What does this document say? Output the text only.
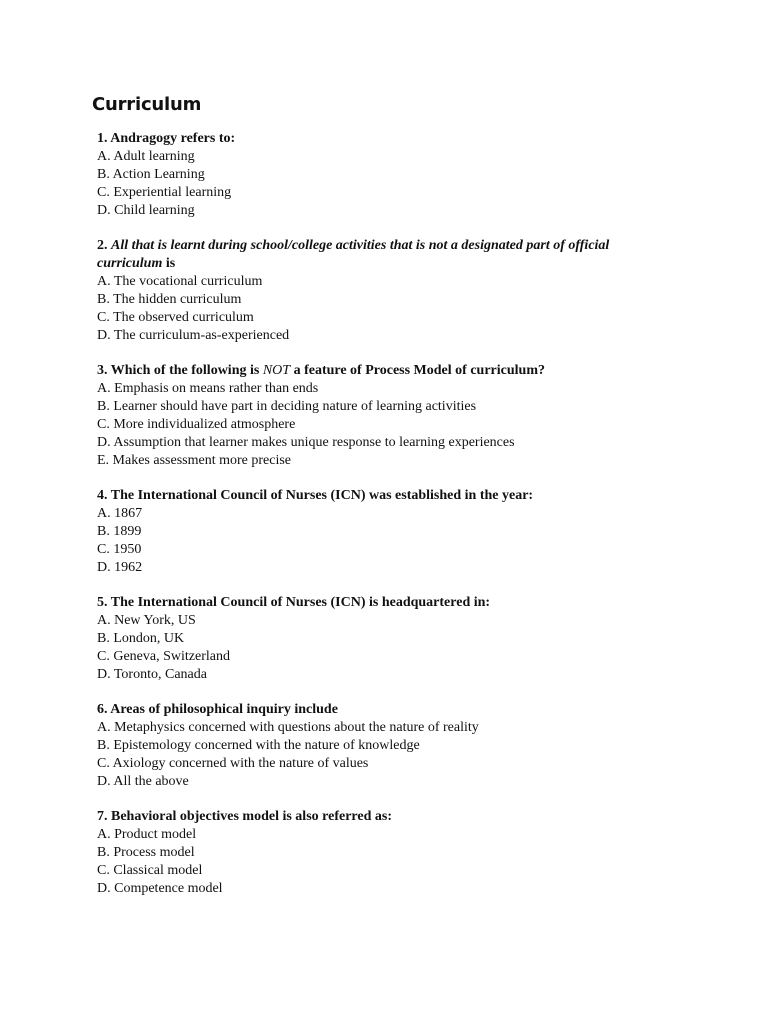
Curriculum
1. Andragogy refers to:
A. Adult learning
B. Action Learning
C. Experiential learning
D. Child learning
2. All that is learnt during school/college activities that is not a designated part of official curriculum is
A. The vocational curriculum
B. The hidden curriculum
C. The observed curriculum
D. The curriculum-as-experienced
3. Which of the following is NOT a feature of Process Model of curriculum?
A. Emphasis on means rather than ends
B. Learner should have part in deciding nature of learning activities
C. More individualized atmosphere
D. Assumption that learner makes unique response to learning experiences
E. Makes assessment more precise
4. The International Council of Nurses (ICN) was established in the year:
A. 1867
B. 1899
C. 1950
D. 1962
5. The International Council of Nurses (ICN) is headquartered in:
A. New York, US
B. London, UK
C. Geneva, Switzerland
D. Toronto, Canada
6. Areas of philosophical inquiry include
A. Metaphysics concerned with questions about the nature of reality
B. Epistemology concerned with the nature of knowledge
C. Axiology concerned with the nature of values
D. All the above
7. Behavioral objectives model is also referred as:
A. Product model
B. Process model
C. Classical model
D. Competence model
